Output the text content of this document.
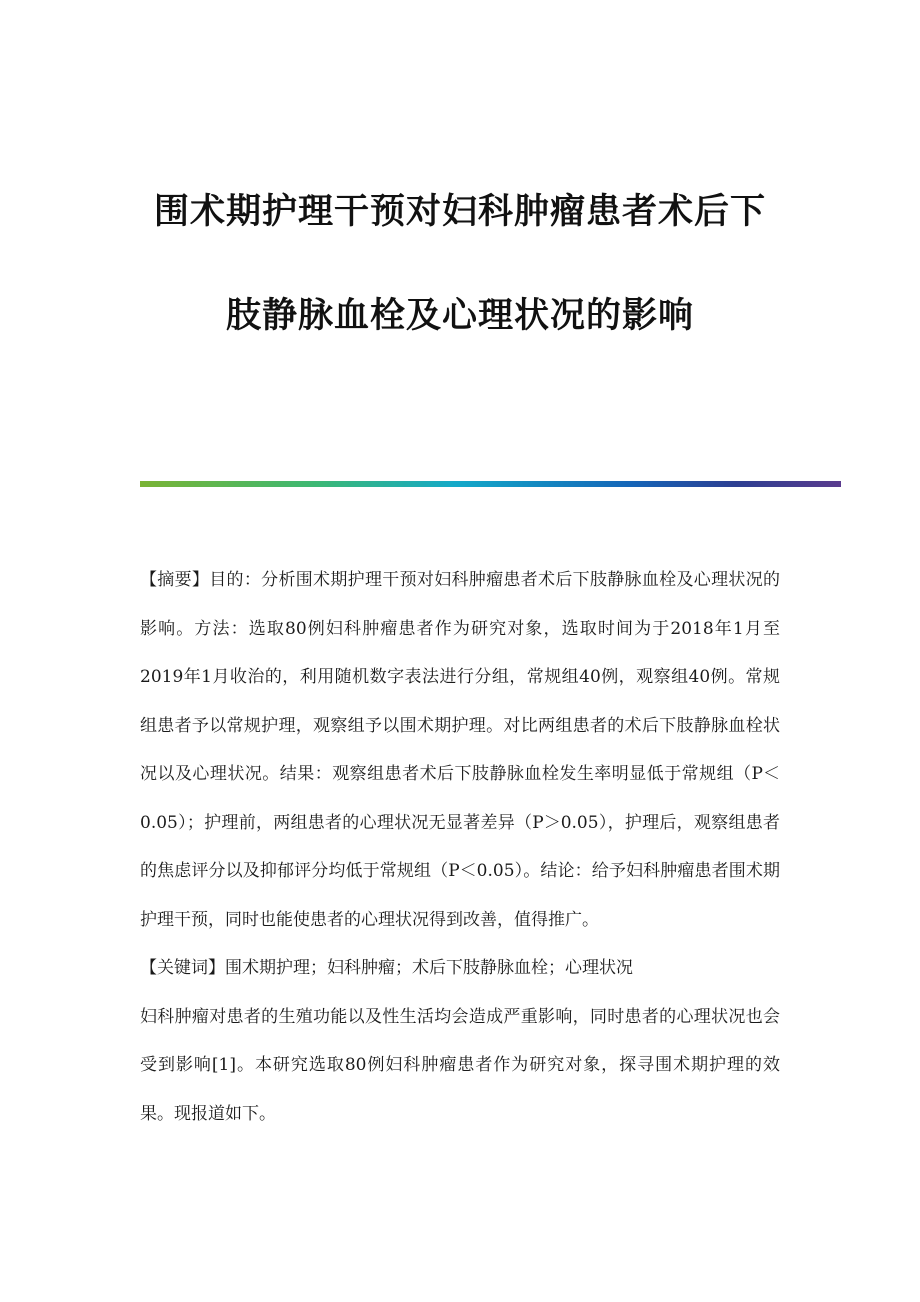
围术期护理干预对妇科肿瘤患者术后下
肢静脉血栓及心理状况的影响

【摘要】目的：分析围术期护理干预对妇科肿瘤患者术后下肢静脉血栓及心理状况的影响。方法：选取80例妇科肿瘤患者作为研究对象，选取时间为于2018年1月至2019年1月收治的，利用随机数字表法进行分组，常规组40例，观察组40例。常规组患者予以常规护理，观察组予以围术期护理。对比两组患者的术后下肢静脉血栓状况以及心理状况。结果：观察组患者术后下肢静脉血栓发生率明显低于常规组（P＜0.05）；护理前，两组患者的心理状况无显著差异（P＞0.05），护理后，观察组患者的焦虑评分以及抑郁评分均低于常规组（P＜0.05）。结论：给予妇科肿瘤患者围术期护理干预，同时也能使患者的心理状况得到改善，值得推广。

【关键词】围术期护理；妇科肿瘤；术后下肢静脉血栓；心理状况

妇科肿瘤对患者的生殖功能以及性生活均会造成严重影响，同时患者的心理状况也会受到影响[1]。本研究选取80例妇科肿瘤患者作为研究对象，探寻围术期护理的效果。现报道如下。
